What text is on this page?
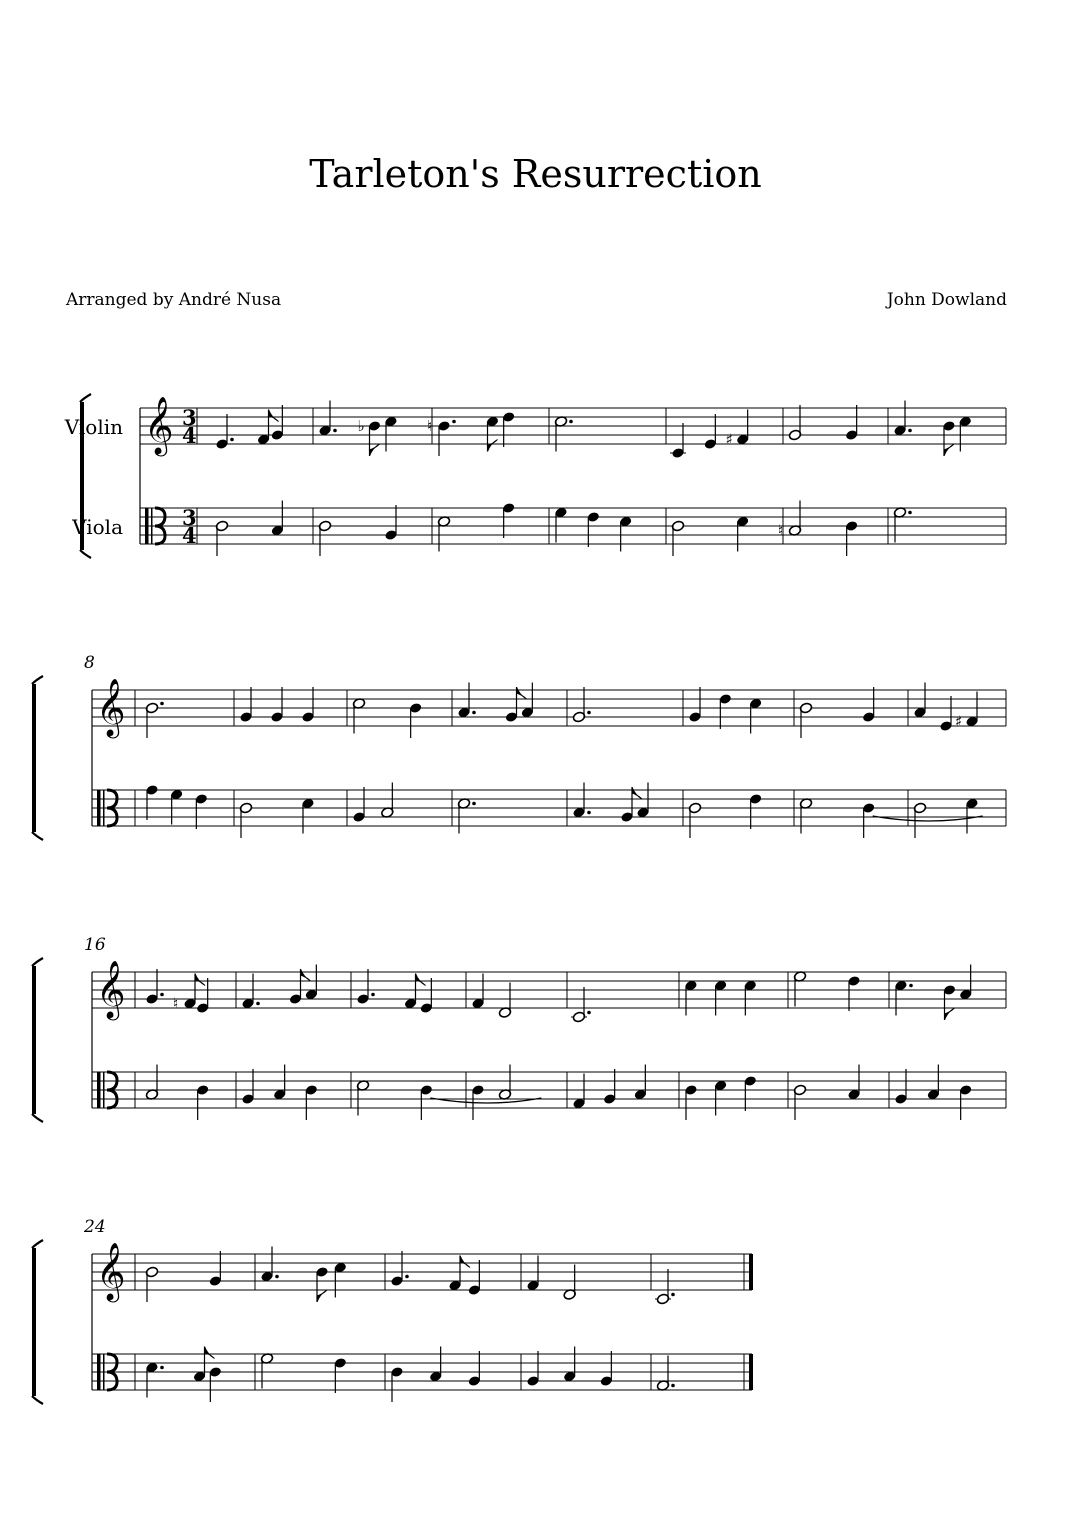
Tarleton's Resurrection
Arranged by André Nusa	John Dowland
𝄞 3
4
3
4
Violin
Viola
♭	♮
♯
♮
𝄞
8
♯
𝄞
16
♮
𝄞
24
